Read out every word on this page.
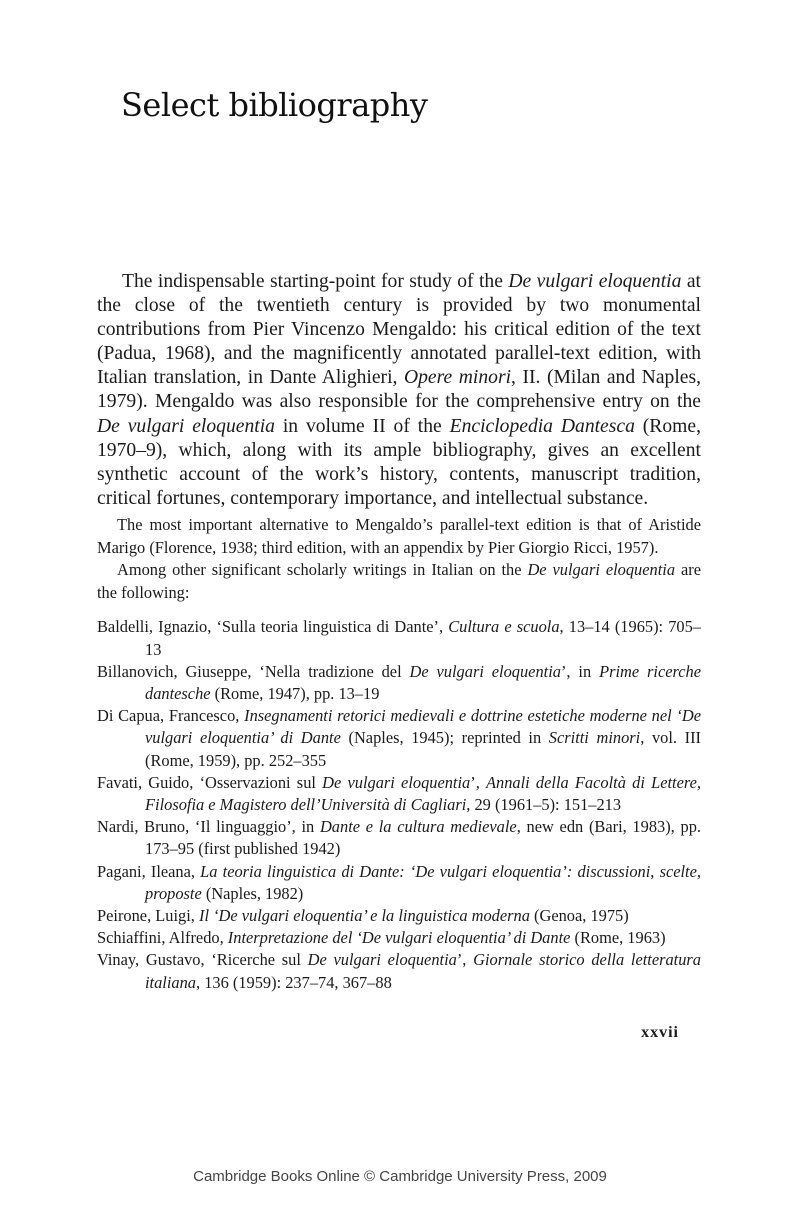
Select bibliography

The indispensable starting-point for study of the De vulgari eloquentia at the close of the twentieth century is provided by two monumental contributions from Pier Vincenzo Mengaldo: his critical edition of the text (Padua, 1968), and the magnificently annotated parallel-text edition, with Italian translation, in Dante Alighieri, Opere minori, II. (Milan and Naples, 1979). Mengaldo was also responsible for the comprehensive entry on the De vulgari eloquentia in volume II of the Enciclopedia Dantesca (Rome, 1970–9), which, along with its ample bibliography, gives an excellent synthetic account of the work’s history, contents, manuscript tradition, critical fortunes, contemporary importance, and intellectual substance.

The most important alternative to Mengaldo’s parallel-text edition is that of Aristide Marigo (Florence, 1938; third edition, with an appendix by Pier Giorgio Ricci, 1957).

Among other significant scholarly writings in Italian on the De vulgari eloquentia are the following:

Baldelli, Ignazio, ‘Sulla teoria linguistica di Dante’, Cultura e scuola, 13–14 (1965): 705–13
Billanovich, Giuseppe, ‘Nella tradizione del De vulgari eloquentia’, in Prime ricerche dantesche (Rome, 1947), pp. 13–19
Di Capua, Francesco, Insegnamenti retorici medievali e dottrine estetiche moderne nel ‘De vulgari eloquentia’ di Dante (Naples, 1945); reprinted in Scritti minori, vol. III (Rome, 1959), pp. 252–355
Favati, Guido, ‘Osservazioni sul De vulgari eloquentia’, Annali della Facoltà di Lettere, Filosofia e Magistero dell’Università di Cagliari, 29 (1961–5): 151–213
Nardi, Bruno, ‘Il linguaggio’, in Dante e la cultura medievale, new edn (Bari, 1983), pp. 173–95 (first published 1942)
Pagani, Ileana, La teoria linguistica di Dante: ‘De vulgari eloquentia’: discussioni, scelte, proposte (Naples, 1982)
Peirone, Luigi, Il ‘De vulgari eloquentia’ e la linguistica moderna (Genoa, 1975)
Schiaffini, Alfredo, Interpretazione del ‘De vulgari eloquentia’ di Dante (Rome, 1963)
Vinay, Gustavo, ‘Ricerche sul De vulgari eloquentia’, Giornale storico della letteratura italiana, 136 (1959): 237–74, 367–88
xxvii
Cambridge Books Online © Cambridge University Press, 2009
